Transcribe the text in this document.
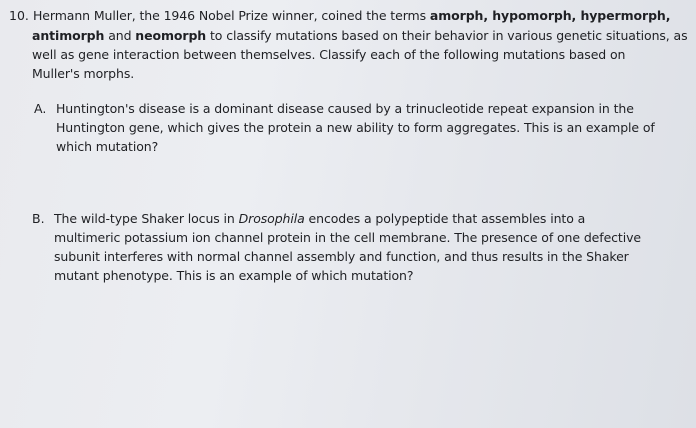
10. Hermann Muller, the 1946 Nobel Prize winner, coined the terms amorph, hypomorph, hypermorph,
antimorph and neomorph to classify mutations based on their behavior in various genetic situations, as
well as gene interaction between themselves. Classify each of the following mutations based on
Muller's morphs.
A. Huntington's disease is a dominant disease caused by a trinucleotide repeat expansion in the
Huntington gene, which gives the protein a new ability to form aggregates. This is an example of
which mutation?
B. The wild-type Shaker locus in Drosophila encodes a polypeptide that assembles into a
multimeric potassium ion channel protein in the cell membrane. The presence of one defective
subunit interferes with normal channel assembly and function, and thus results in the Shaker
mutant phenotype. This is an example of which mutation?
